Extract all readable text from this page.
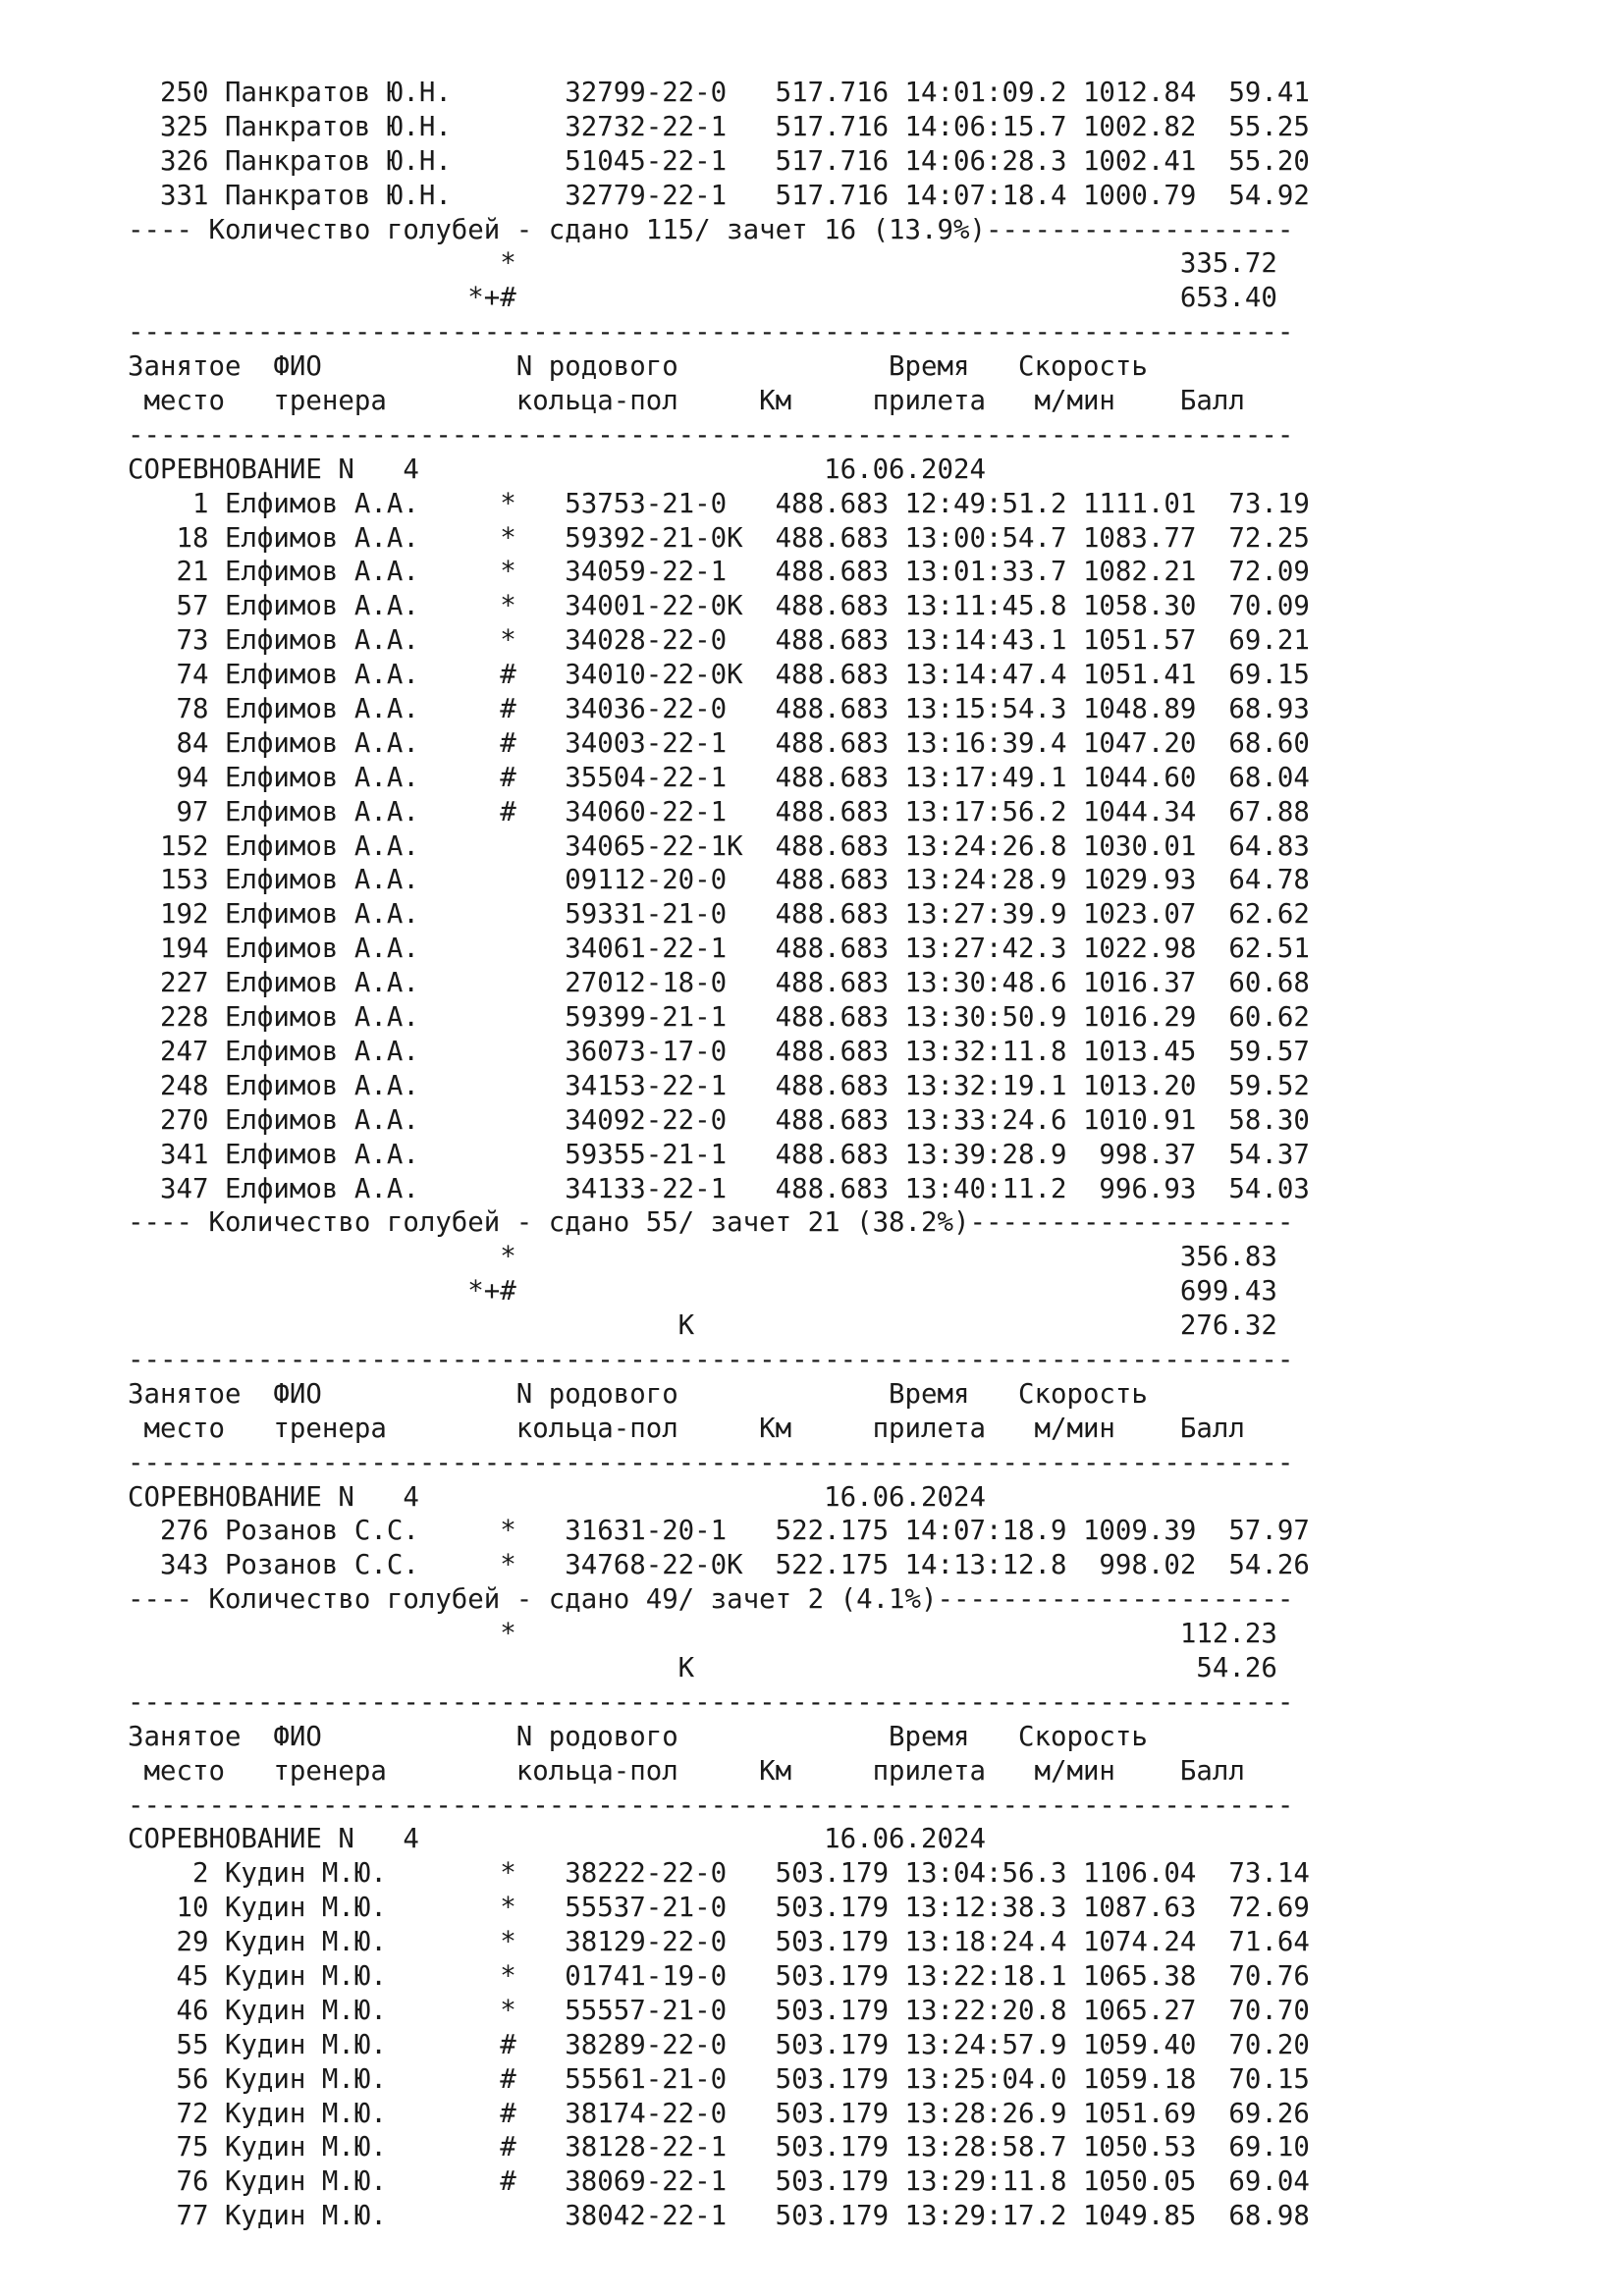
250 Панкратов Ю.Н.       32799-22-0   517.716 14:01:09.2 1012.84  59.41
325 Панкратов Ю.Н.       32732-22-1   517.716 14:06:15.7 1002.82  55.25
326 Панкратов Ю.Н.       51045-22-1   517.716 14:06:28.3 1002.41  55.20
331 Панкратов Ю.Н.       32779-22-1   517.716 14:07:18.4 1000.79  54.92
---- Количество голубей - сдано 115/ зачет 16 (13.9%)-------------------
*                                         335.72
*+#                                         653.40
------------------------------------------------------------------------
Занятое  ФИО            N родового             Время   Скорость
место   тренера        кольца-пол     Км     прилета   м/мин    Балл
------------------------------------------------------------------------
СОРЕВНОВАНИЕ N   4                         16.06.2024
1 Елфимов А.А.     *   53753-21-0   488.683 12:49:51.2 1111.01  73.19
18 Елфимов А.А.     *   59392-21-0К  488.683 13:00:54.7 1083.77  72.25
21 Елфимов А.А.     *   34059-22-1   488.683 13:01:33.7 1082.21  72.09
57 Елфимов А.А.     *   34001-22-0К  488.683 13:11:45.8 1058.30  70.09
73 Елфимов А.А.     *   34028-22-0   488.683 13:14:43.1 1051.57  69.21
74 Елфимов А.А.     #   34010-22-0К  488.683 13:14:47.4 1051.41  69.15
78 Елфимов А.А.     #   34036-22-0   488.683 13:15:54.3 1048.89  68.93
84 Елфимов А.А.     #   34003-22-1   488.683 13:16:39.4 1047.20  68.60
94 Елфимов А.А.     #   35504-22-1   488.683 13:17:49.1 1044.60  68.04
97 Елфимов А.А.     #   34060-22-1   488.683 13:17:56.2 1044.34  67.88
152 Елфимов А.А.         34065-22-1К  488.683 13:24:26.8 1030.01  64.83
153 Елфимов А.А.         09112-20-0   488.683 13:24:28.9 1029.93  64.78
192 Елфимов А.А.         59331-21-0   488.683 13:27:39.9 1023.07  62.62
194 Елфимов А.А.         34061-22-1   488.683 13:27:42.3 1022.98  62.51
227 Елфимов А.А.         27012-18-0   488.683 13:30:48.6 1016.37  60.68
228 Елфимов А.А.         59399-21-1   488.683 13:30:50.9 1016.29  60.62
247 Елфимов А.А.         36073-17-0   488.683 13:32:11.8 1013.45  59.57
248 Елфимов А.А.         34153-22-1   488.683 13:32:19.1 1013.20  59.52
270 Елфимов А.А.         34092-22-0   488.683 13:33:24.6 1010.91  58.30
341 Елфимов А.А.         59355-21-1   488.683 13:39:28.9  998.37  54.37
347 Елфимов А.А.         34133-22-1   488.683 13:40:11.2  996.93  54.03
---- Количество голубей - сдано 55/ зачет 21 (38.2%)--------------------
*                                         356.83
*+#                                         699.43
К                              276.32
------------------------------------------------------------------------
Занятое  ФИО            N родового             Время   Скорость
место   тренера        кольца-пол     Км     прилета   м/мин    Балл
------------------------------------------------------------------------
СОРЕВНОВАНИЕ N   4                         16.06.2024
276 Розанов С.С.     *   31631-20-1   522.175 14:07:18.9 1009.39  57.97
343 Розанов С.С.     *   34768-22-0К  522.175 14:13:12.8  998.02  54.26
---- Количество голубей - сдано 49/ зачет 2 (4.1%)----------------------
*                                         112.23
К                               54.26
------------------------------------------------------------------------
Занятое  ФИО            N родового             Время   Скорость
место   тренера        кольца-пол     Км     прилета   м/мин    Балл
------------------------------------------------------------------------
СОРЕВНОВАНИЕ N   4                         16.06.2024
2 Кудин М.Ю.       *   38222-22-0   503.179 13:04:56.3 1106.04  73.14
10 Кудин М.Ю.       *   55537-21-0   503.179 13:12:38.3 1087.63  72.69
29 Кудин М.Ю.       *   38129-22-0   503.179 13:18:24.4 1074.24  71.64
45 Кудин М.Ю.       *   01741-19-0   503.179 13:22:18.1 1065.38  70.76
46 Кудин М.Ю.       *   55557-21-0   503.179 13:22:20.8 1065.27  70.70
55 Кудин М.Ю.       #   38289-22-0   503.179 13:24:57.9 1059.40  70.20
56 Кудин М.Ю.       #   55561-21-0   503.179 13:25:04.0 1059.18  70.15
72 Кудин М.Ю.       #   38174-22-0   503.179 13:28:26.9 1051.69  69.26
75 Кудин М.Ю.       #   38128-22-1   503.179 13:28:58.7 1050.53  69.10
76 Кудин М.Ю.       #   38069-22-1   503.179 13:29:11.8 1050.05  69.04
77 Кудин М.Ю.           38042-22-1   503.179 13:29:17.2 1049.85  68.98
